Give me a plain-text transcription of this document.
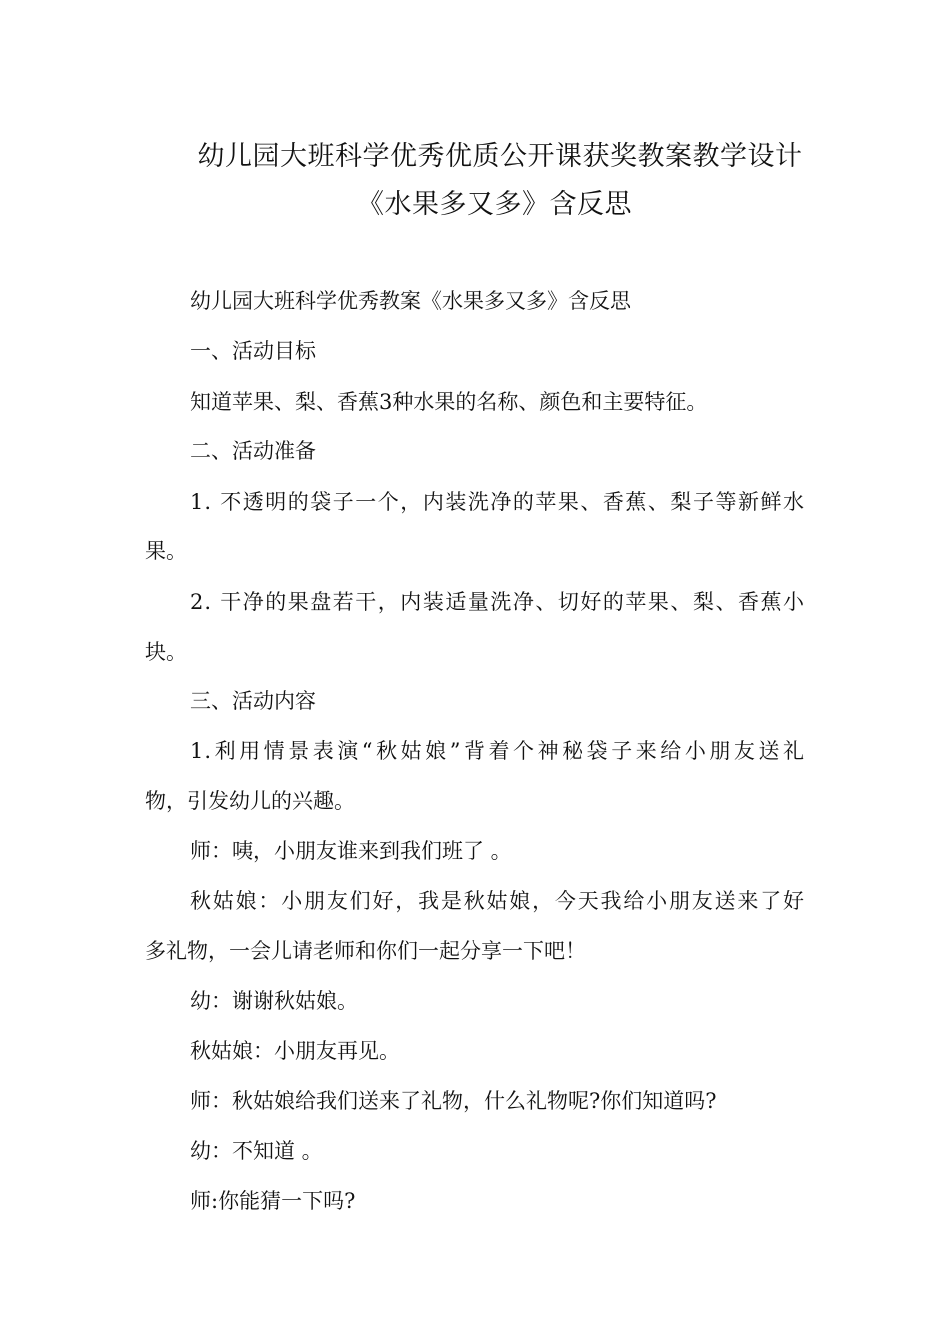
幼儿园大班科学优秀优质公开课获奖教案教学设计
《水果多又多》含反思
幼儿园大班科学优秀教案《水果多又多》含反思
一、活动目标
知道苹果、梨、香蕉3种水果的名称、颜色和主要特征。
二、活动准备
1. 不透明的袋子一个，内装洗净的苹果、香蕉、梨子等新鲜水
果。
2. 干净的果盘若干，内装适量洗净、切好的苹果、梨、香蕉小
块。
三、活动内容
1.利用情景表演“秋姑娘”背着个神秘袋子来给小朋友送礼
物，引发幼儿的兴趣。
师：咦，小朋友谁来到我们班了 。
秋姑娘：小朋友们好，我是秋姑娘，今天我给小朋友送来了好
多礼物，一会儿请老师和你们一起分享一下吧！
幼：谢谢秋姑娘。
秋姑娘：小朋友再见。
师：秋姑娘给我们送来了礼物，什么礼物呢?你们知道吗?
幼：不知道 。
师:你能猜一下吗?
